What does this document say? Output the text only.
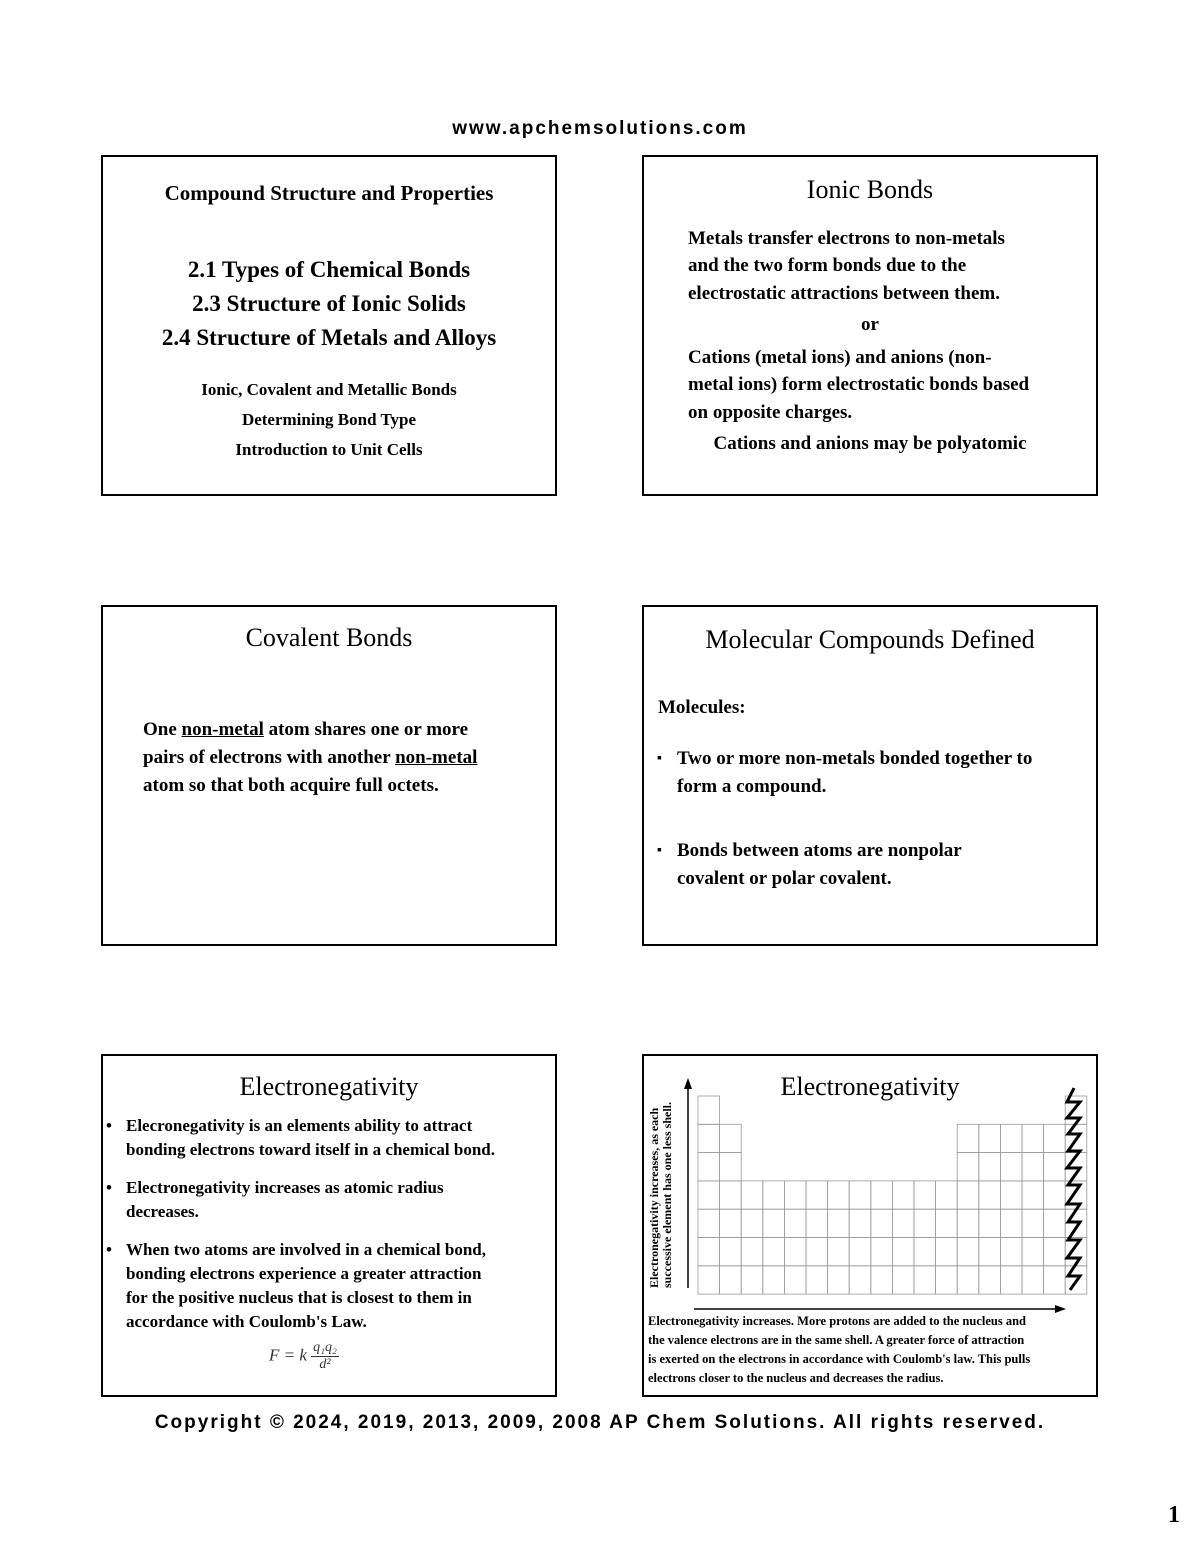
www.apchemsolutions.com
Compound Structure and Properties
2.1 Types of Chemical Bonds
2.3 Structure of Ionic Solids
2.4 Structure of Metals and Alloys
Ionic, Covalent and Metallic Bonds
Determining Bond Type
Introduction to Unit Cells
Ionic Bonds
Metals transfer electrons to non-metals
and the two form bonds due to the
electrostatic attractions between them.
or
Cations (metal ions) and anions (non-
metal ions) form electrostatic bonds based
on opposite charges.
Cations and anions may be polyatomic
Covalent Bonds
One non-metal atom shares one or more
pairs of electrons with another non-metal
atom so that both acquire full octets.
Molecular Compounds Defined
Molecules:
▪ Two or more non-metals bonded together to
form a compound.
▪ Bonds between atoms are nonpolar
covalent or polar covalent.
Electronegativity
• Elecronegativity is an elements ability to attract
bonding electrons toward itself in a chemical bond.
• Electronegativity increases as atomic radius
decreases.
• When two atoms are involved in a chemical bond,
bonding electrons experience a greater attraction
for the positive nucleus that is closest to them in
accordance with Coulomb's Law.
F = k $\frac{\text{q₁q₂}}{\text{d²}}$
Electronegativity
Electronegativity increases, as each successive element has one less shell.
Electronegativity increases. More protons are added to the nucleus and
the valence electrons are in the same shell. A greater force of attraction
is exerted on the electrons in accordance with Coulomb's law. This pulls
electrons closer to the nucleus and decreases the radius.
Copyright © 2024, 2019, 2013, 2009, 2008 AP Chem Solutions. All rights reserved.
1
